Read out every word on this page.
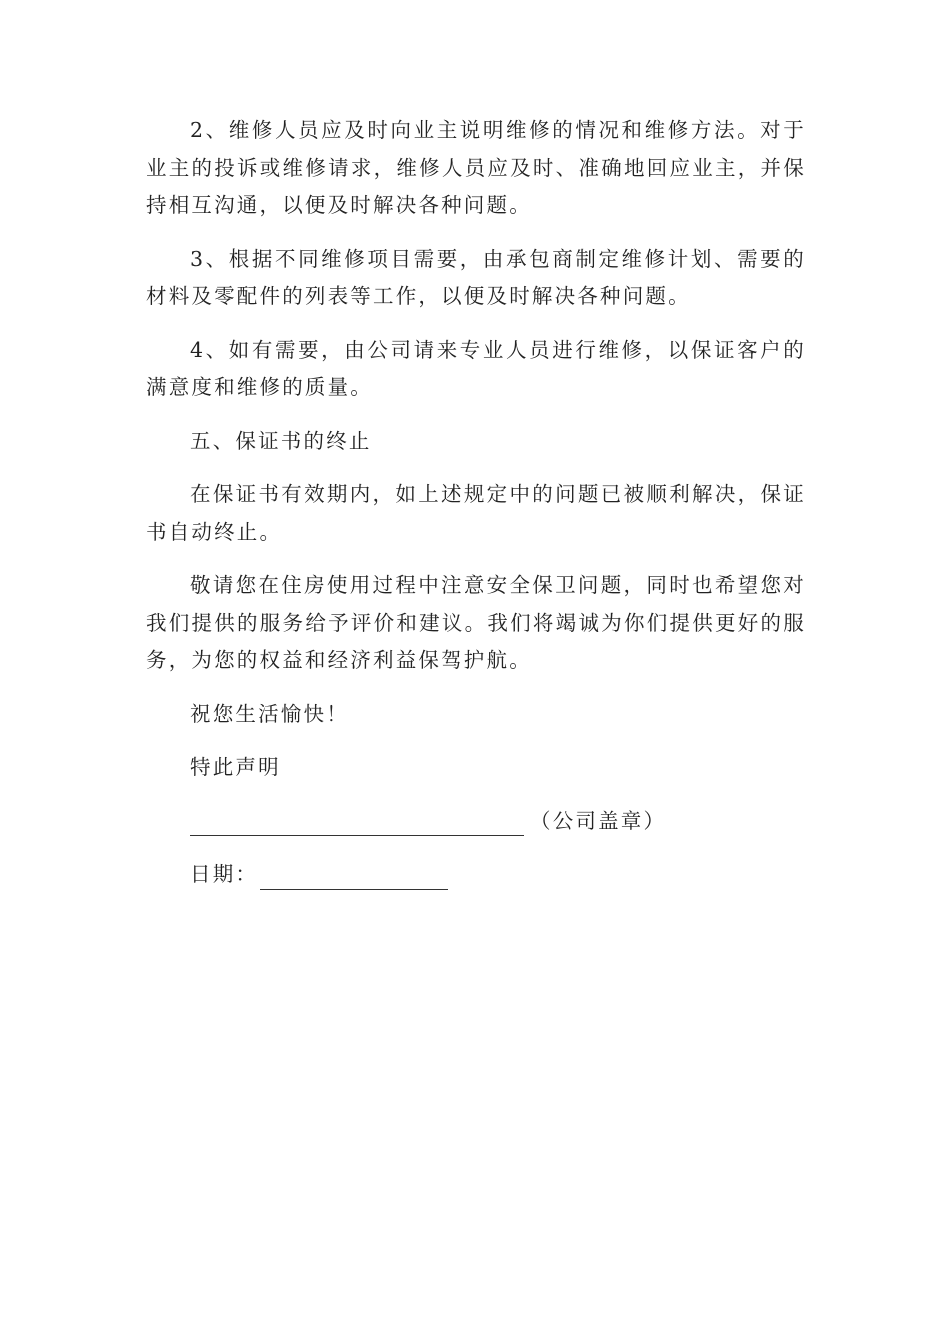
2、维修人员应及时向业主说明维修的情况和维修方法。对于业主的投诉或维修请求，维修人员应及时、准确地回应业主，并保持相互沟通，以便及时解决各种问题。

3、根据不同维修项目需要，由承包商制定维修计划、需要的材料及零配件的列表等工作，以便及时解决各种问题。

4、如有需要，由公司请来专业人员进行维修，以保证客户的满意度和维修的质量。

五、保证书的终止

在保证书有效期内，如上述规定中的问题已被顺利解决，保证书自动终止。

敬请您在住房使用过程中注意安全保卫问题，同时也希望您对我们提供的服务给予评价和建议。我们将竭诚为你们提供更好的服务，为您的权益和经济利益保驾护航。

祝您生活愉快！

特此声明

（公司盖章）
日期：
